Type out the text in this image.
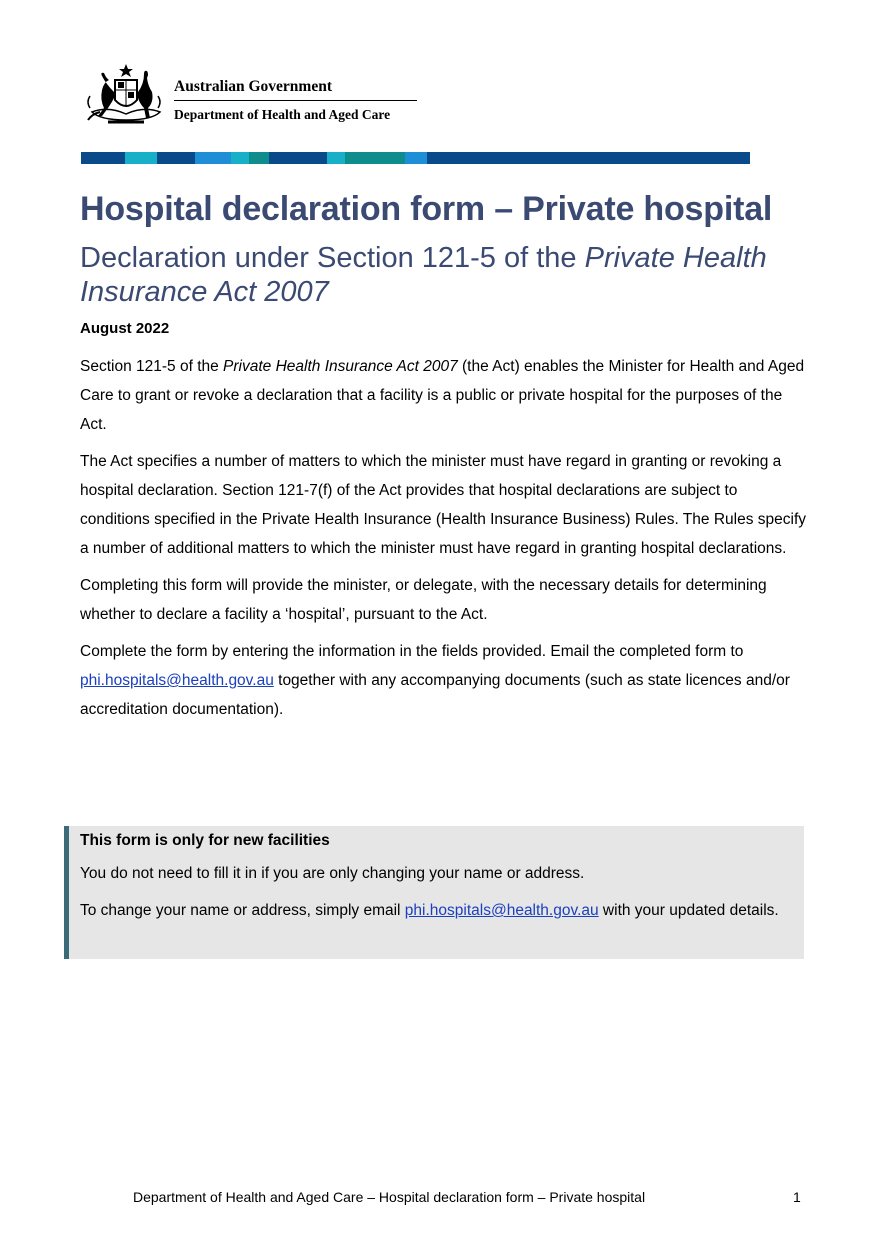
Australian Government
Department of Health and Aged Care
Hospital declaration form – Private hospital
Declaration under Section 121-5 of the Private Health Insurance Act 2007
August 2022

Section 121-5 of the Private Health Insurance Act 2007 (the Act) enables the Minister for Health and Aged Care to grant or revoke a declaration that a facility is a public or private hospital for the purposes of the Act.

The Act specifies a number of matters to which the minister must have regard in granting or revoking a hospital declaration. Section 121-7(f) of the Act provides that hospital declarations are subject to conditions specified in the Private Health Insurance (Health Insurance Business) Rules. The Rules specify a number of additional matters to which the minister must have regard in granting hospital declarations.

Completing this form will provide the minister, or delegate, with the necessary details for determining whether to declare a facility a ‘hospital’, pursuant to the Act.

Complete the form by entering the information in the fields provided. Email the completed form to phi.hospitals@health.gov.au together with any accompanying documents (such as state licences and/or accreditation documentation).

This form is only for new facilities

You do not need to fill it in if you are only changing your name or address.

To change your name or address, simply email phi.hospitals@health.gov.au with your updated details.

Department of Health and Aged Care – Hospital declaration form – Private hospital	1
